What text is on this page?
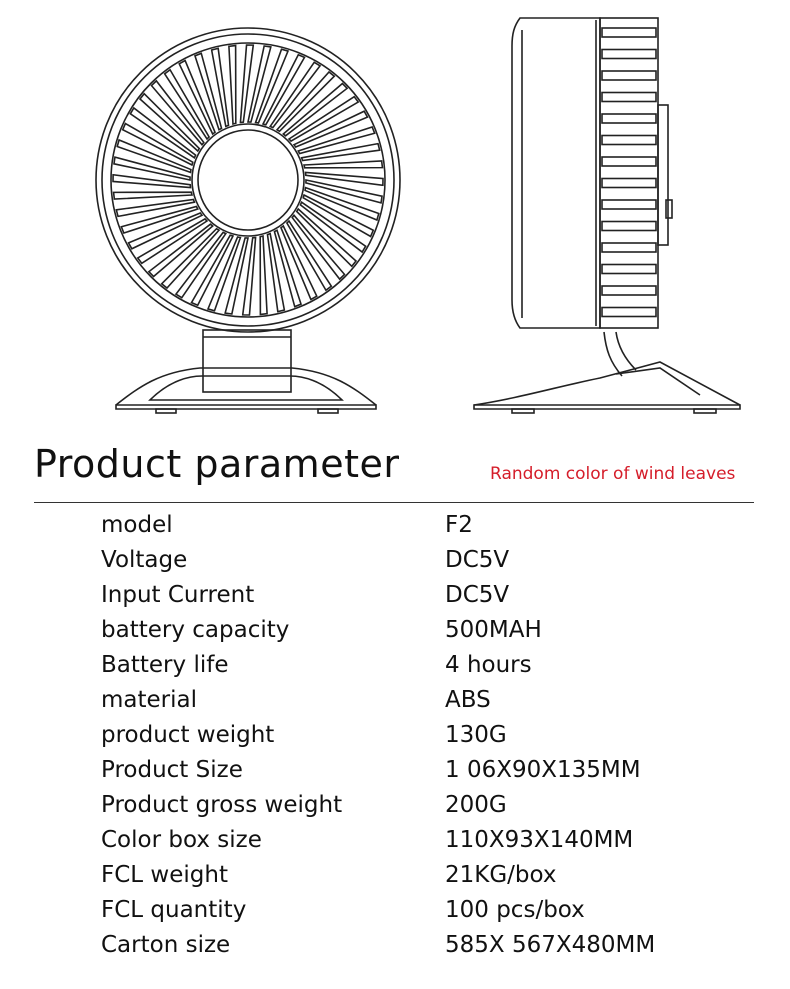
Product parameter	Random color of wind leaves
model	F2
Voltage	DC5V
Input Current	DC5V
battery capacity	500MAH
Battery life	4 hours
material	ABS
product weight	130G
Product Size	1 06X90X135MM
Product gross weight	200G
Color box size	110X93X140MM
FCL weight	21KG/box
FCL quantity	100 pcs/box
Carton size	585X 567X480MM
